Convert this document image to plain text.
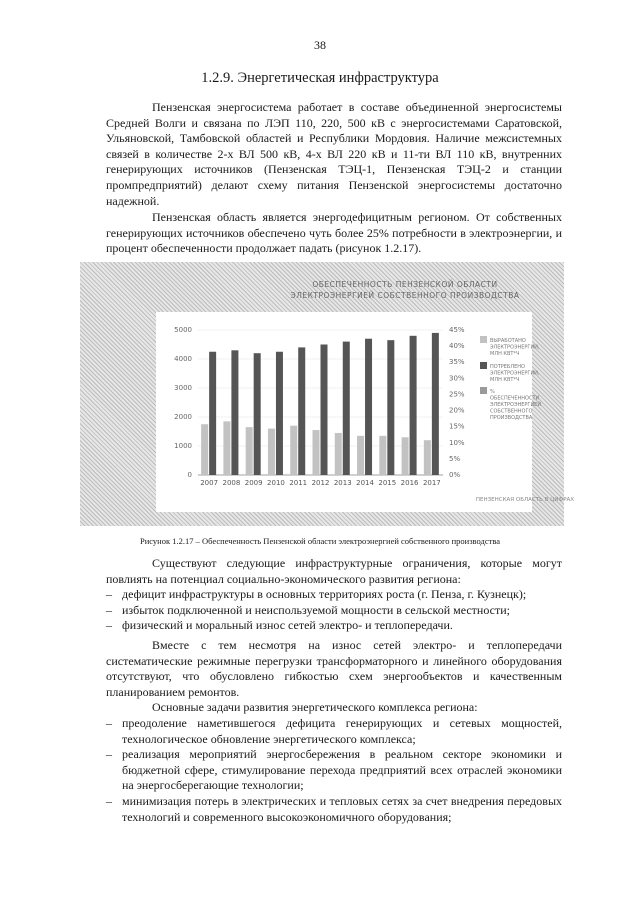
38
1.2.9. Энергетическая инфраструктура

Пензенская энергосистема работает в составе объединенной энергосистемы Средней Волги и связана по ЛЭП 110, 220, 500 кВ с энергосистемами Саратовской, Ульяновской, Тамбовской областей и Республики Мордовия. Наличие межсистемных связей в количестве 2-х ВЛ 500 кВ, 4-х ВЛ 220 кВ и 11-ти ВЛ 110 кВ, внутренних генерирующих источников (Пензенская ТЭЦ-1, Пензенская ТЭЦ-2 и станции промпредприятий) делают схему питания Пензенской энергосистемы достаточно надежной.

Пензенская область является энергодефицитным регионом. От собственных генерирующих источников обеспечено чуть более 25% потребности в электроэнергии, и процент обеспеченности продолжает падать (рисунок 1.2.17).

ОБЕСПЕЧЕННОСТЬ ПЕНЗЕНСКОЙ ОБЛАСТИ
ЭЛЕКТРОЭНЕРГИЕЙ СОБСТВЕННОГО ПРОИЗВОДСТВА
0
1000
2000
3000
4000
5000
0%
5%
10%
15%
20%
25%
30%
35%
40%
45%
2007 2008 2009 2010 2011 2012 2013 2014 2015 2016 2017
ВЫРАБОТАНО
ЭЛЕКТРОЭНЕРГИИ,
МЛН КВТ*Ч
ПОТРЕБЛЕНО
ЭЛЕКТРОЭНЕРГИИ,
МЛН КВТ*Ч
%
ОБЕСПЕЧЕННОСТИ
ЭЛЕКТРОЭНЕРГИЕЙ
СОБСТВЕННОГО
ПРОИЗВОДСТВА
ПЕНЗЕНСКАЯ ОБЛАСТЬ В ЦИФРАХ
Рисунок 1.2.17 – Обеспеченность Пензенской области электроэнергией собственного производства

Существуют следующие инфраструктурные ограничения, которые могут повлиять на потенциал социально-экономического развития региона:

– дефицит инфраструктуры в основных территориях роста (г. Пенза, г. Кузнецк);
– избыток подключенной и неиспользуемой мощности в сельской местности;
– физический и моральный износ сетей электро- и теплопередачи.

Вместе с тем несмотря на износ сетей электро- и теплопередачи систематические режимные перегрузки трансформаторного и линейного оборудования отсутствуют, что обусловлено гибкостью схем энергообъектов и качественным планированием ремонтов.

Основные задачи развития энергетического комплекса региона:

– преодоление наметившегося дефицита генерирующих и сетевых мощностей, технологическое обновление энергетического комплекса;
– реализация мероприятий энергосбережения в реальном секторе экономики и бюджетной сфере, стимулирование перехода предприятий всех отраслей экономики на энергосберегающие технологии;
– минимизация потерь в электрических и тепловых сетях за счет внедрения передовых технологий и современного высокоэкономичного оборудования;
